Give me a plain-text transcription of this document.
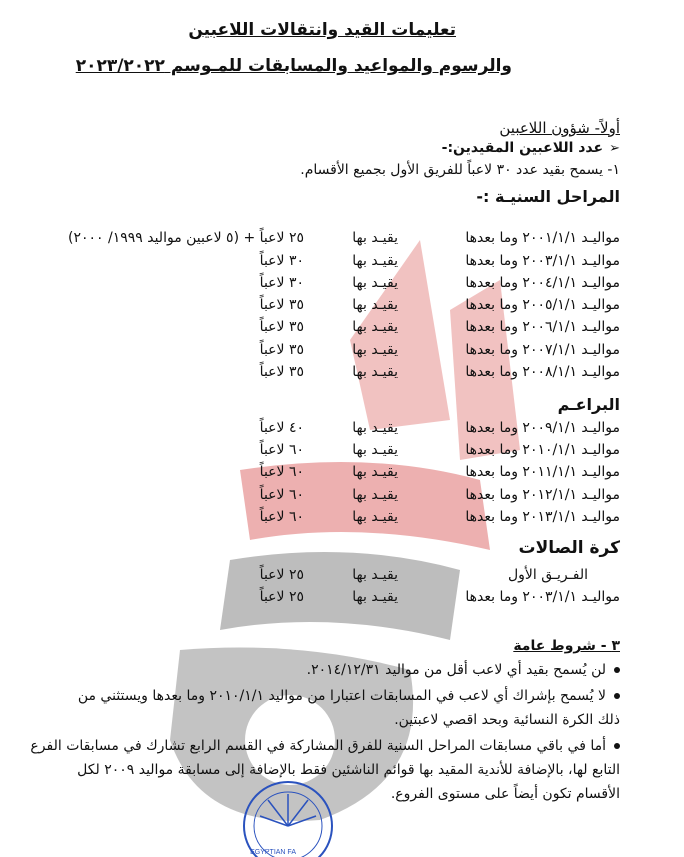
تعليمات القيد وانتقالات اللاعبين
والرسوم والمواعيد والمسابقات للمـوسم ٢٠٢٣/٢٠٢٢
أولاً- شؤون اللاعبين
➢عدد اللاعبين المقيدين:-
١- يسمح بقيد عدد ٣٠ لاعباً للفريق الأول بجميع الأقسام.
المراحل السنيـة :-
مواليـد ٢٠٠١/١/١ وما بعدها
يقيـد بها
٢٥ لاعباً + (٥ لاعبين مواليد ١٩٩٩/ ٢٠٠٠)
مواليـد ٢٠٠٣/١/١ وما بعدها
يقيـد بها
٣٠ لاعباً
مواليـد ٢٠٠٤/١/١ وما بعدها
يقيـد بها
٣٠ لاعباً
مواليـد ٢٠٠٥/١/١ وما بعدها
يقيـد بها
٣٥ لاعباً
مواليـد ٢٠٠٦/١/١ وما بعدها
يقيـد بها
٣٥ لاعباً
مواليـد ٢٠٠٧/١/١ وما بعدها
يقيـد بها
٣٥ لاعباً
مواليـد ٢٠٠٨/١/١ وما بعدها
يقيـد بها
٣٥ لاعباً
البراعـم
مواليـد ٢٠٠٩/١/١ وما بعدها
يقيـد بها
٤٠ لاعباً
مواليـد ٢٠١٠/١/١ وما بعدها
يقيـد بها
٦٠ لاعباً
مواليـد ٢٠١١/١/١ وما بعدها
يقيـد بها
٦٠ لاعباً
مواليـد ٢٠١٢/١/١ وما بعدها
يقيـد بها
٦٠ لاعباً
مواليـد ٢٠١٣/١/١ وما بعدها
يقيـد بها
٦٠ لاعباً
كرة الصالات
الفـريـق الأول
يقيـد بها
٢٥ لاعباً
مواليـد ٢٠٠٣/١/١ وما بعدها
يقيـد بها
٢٥ لاعباً
٣ - شروط عامة
لن يُسمح بقيد أي لاعب أقل من مواليد ٢٠١٤/١٢/٣١.
لا يُسمح بإشراك أي لاعب في المسابقات اعتبارا من مواليد ٢٠١٠/١/١ وما بعدها ويستثني من
ذلك الكرة النسائية وبحد اقصي لاعبتين.
أما في باقي مسابقات المراحل السنية للفرق المشاركة في القسم الرابع تشارك في مسابقات الفرع
التابع لها، بالإضافة للأندية المقيد بها قوائم الناشئين فقط بالإضافة إلى مسابقة مواليد ٢٠٠٩ لكل
الأقسام تكون أيضاً على مستوى الفروع.
EGYPTIAN FA
